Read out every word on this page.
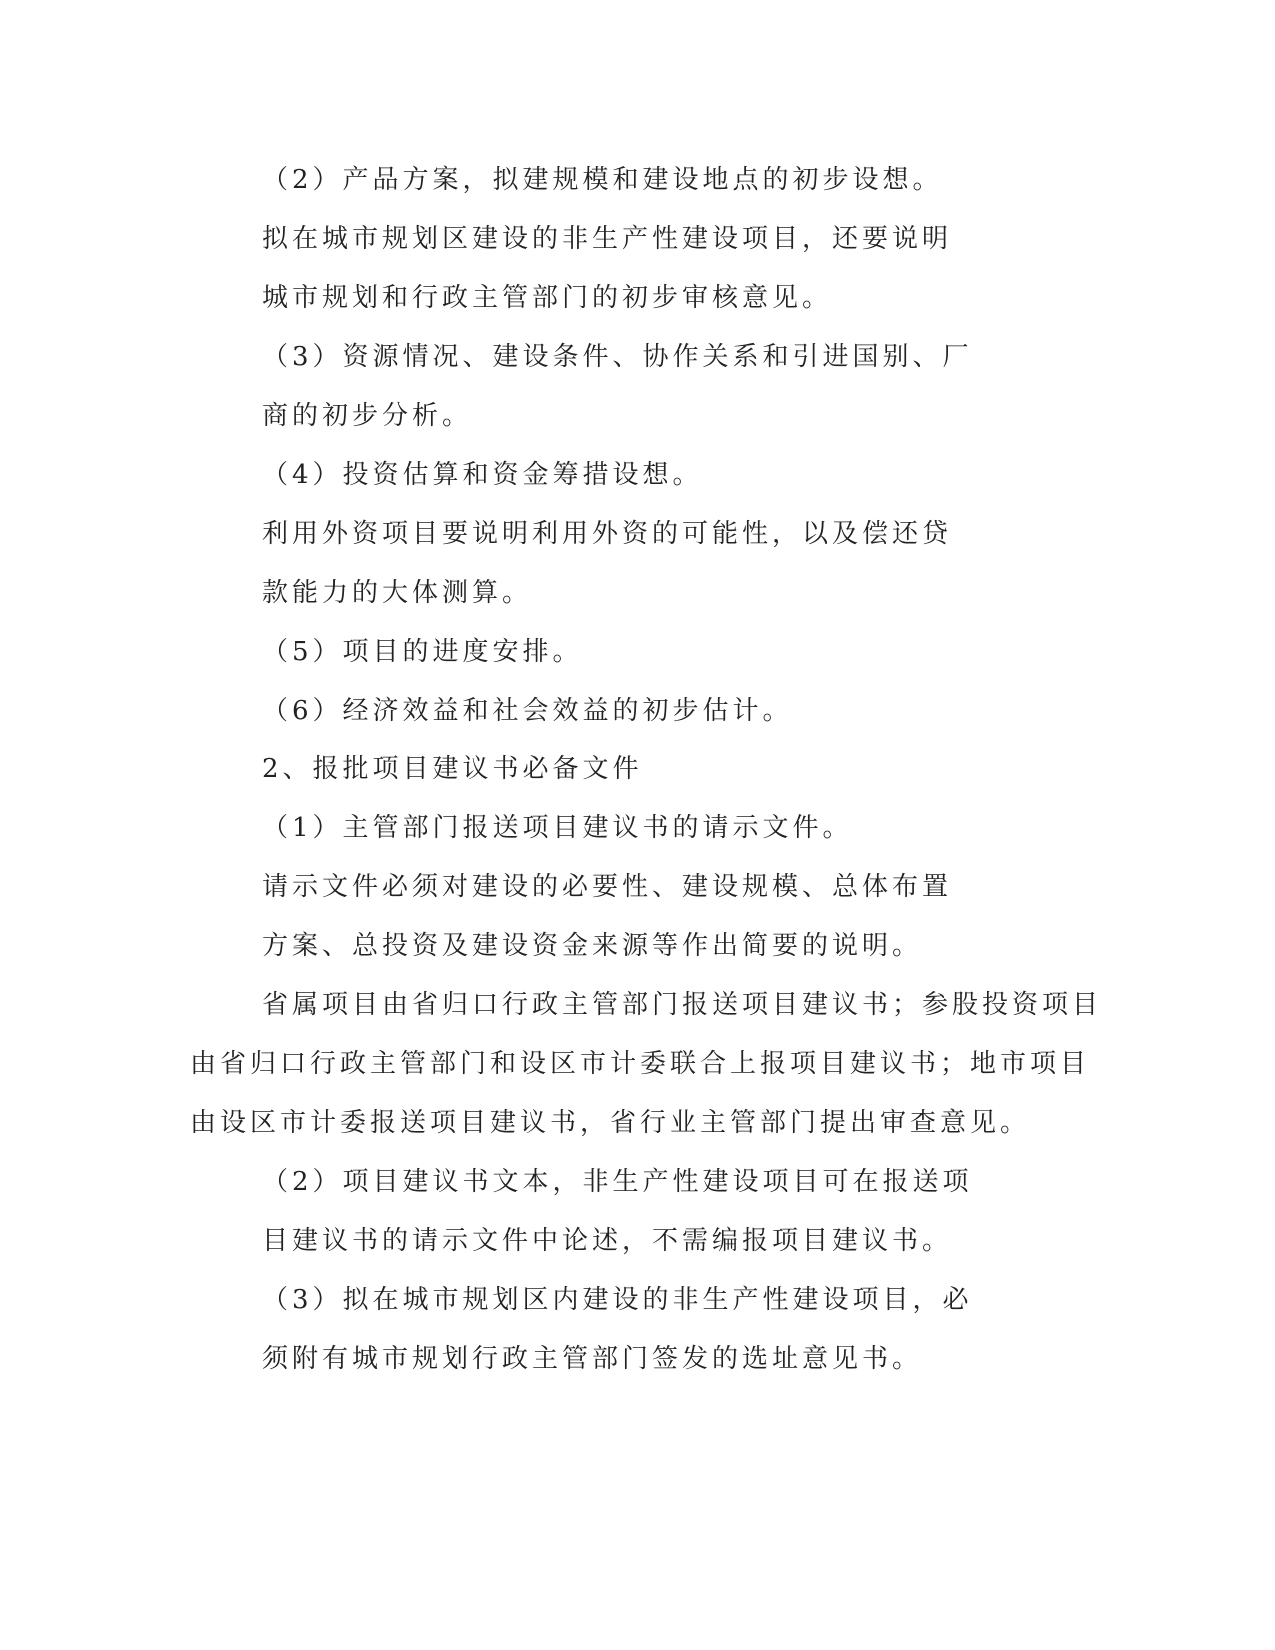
（2）产品方案，拟建规模和建设地点的初步设想。
拟在城市规划区建设的非生产性建设项目，还要说明
城市规划和行政主管部门的初步审核意见。
（3）资源情况、建设条件、协作关系和引进国别、厂
商的初步分析。
（4）投资估算和资金筹措设想。
利用外资项目要说明利用外资的可能性，以及偿还贷
款能力的大体测算。
（5）项目的进度安排。
（6）经济效益和社会效益的初步估计。
2、报批项目建议书必备文件
（1）主管部门报送项目建议书的请示文件。
请示文件必须对建设的必要性、建设规模、总体布置
方案、总投资及建设资金来源等作出简要的说明。
省属项目由省归口行政主管部门报送项目建议书；参股投资项目
由省归口行政主管部门和设区市计委联合上报项目建议书；地市项目
由设区市计委报送项目建议书，省行业主管部门提出审查意见。
（2）项目建议书文本，非生产性建设项目可在报送项
目建议书的请示文件中论述，不需编报项目建议书。
（3）拟在城市规划区内建设的非生产性建设项目，必
须附有城市规划行政主管部门签发的选址意见书。
